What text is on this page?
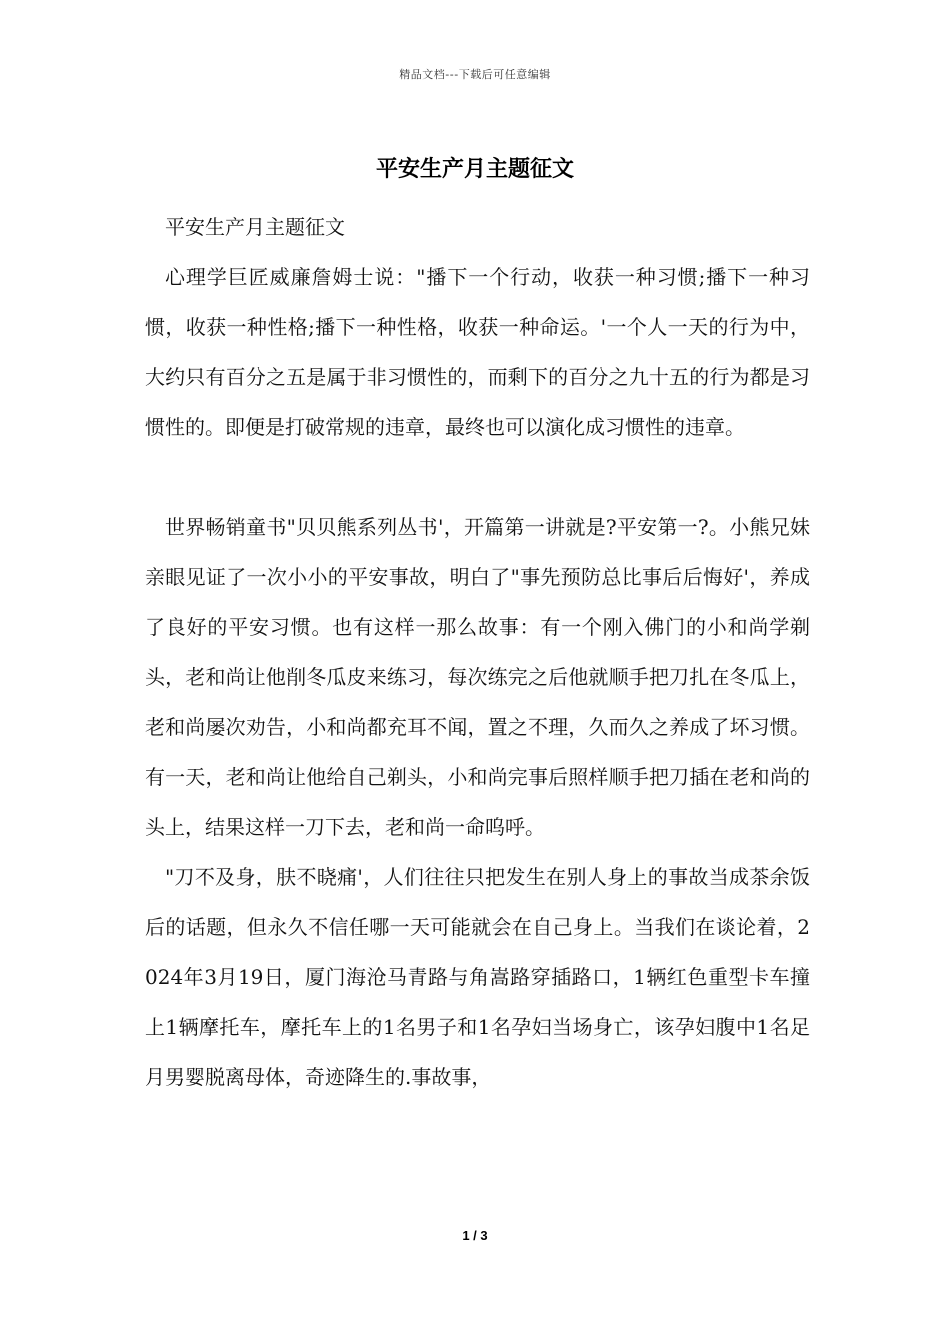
精品文档---下载后可任意编辑
平安生产月主题征文

平安生产月主题征文

心理学巨匠威廉詹姆士说："播下一个行动，收获一种习惯;播下一种习惯，收获一种性格;播下一种性格，收获一种命运。'一个人一天的行为中，大约只有百分之五是属于非习惯性的，而剩下的百分之九十五的行为都是习惯性的。即便是打破常规的违章，最终也可以演化成习惯性的违章。

世界畅销童书"贝贝熊系列丛书'，开篇第一讲就是?平安第一?。小熊兄妹亲眼见证了一次小小的平安事故，明白了"事先预防总比事后后悔好'，养成了良好的平安习惯。也有这样一那么故事：有一个刚入佛门的小和尚学剃头，老和尚让他削冬瓜皮来练习，每次练完之后他就顺手把刀扎在冬瓜上，老和尚屡次劝告，小和尚都充耳不闻，置之不理，久而久之养成了坏习惯。有一天，老和尚让他给自己剃头，小和尚完事后照样顺手把刀插在老和尚的头上，结果这样一刀下去，老和尚一命呜呼。

"刀不及身，肤不晓痛'，人们往往只把发生在别人身上的事故当成茶余饭后的话题，但永久不信任哪一天可能就会在自己身上。当我们在谈论着，2024年3月19日，厦门海沧马青路与角嵩路穿插路口，1辆红色重型卡车撞上1辆摩托车，摩托车上的1名男子和1名孕妇当场身亡，该孕妇腹中1名足月男婴脱离母体，奇迹降生的.事故事，

1 / 3
